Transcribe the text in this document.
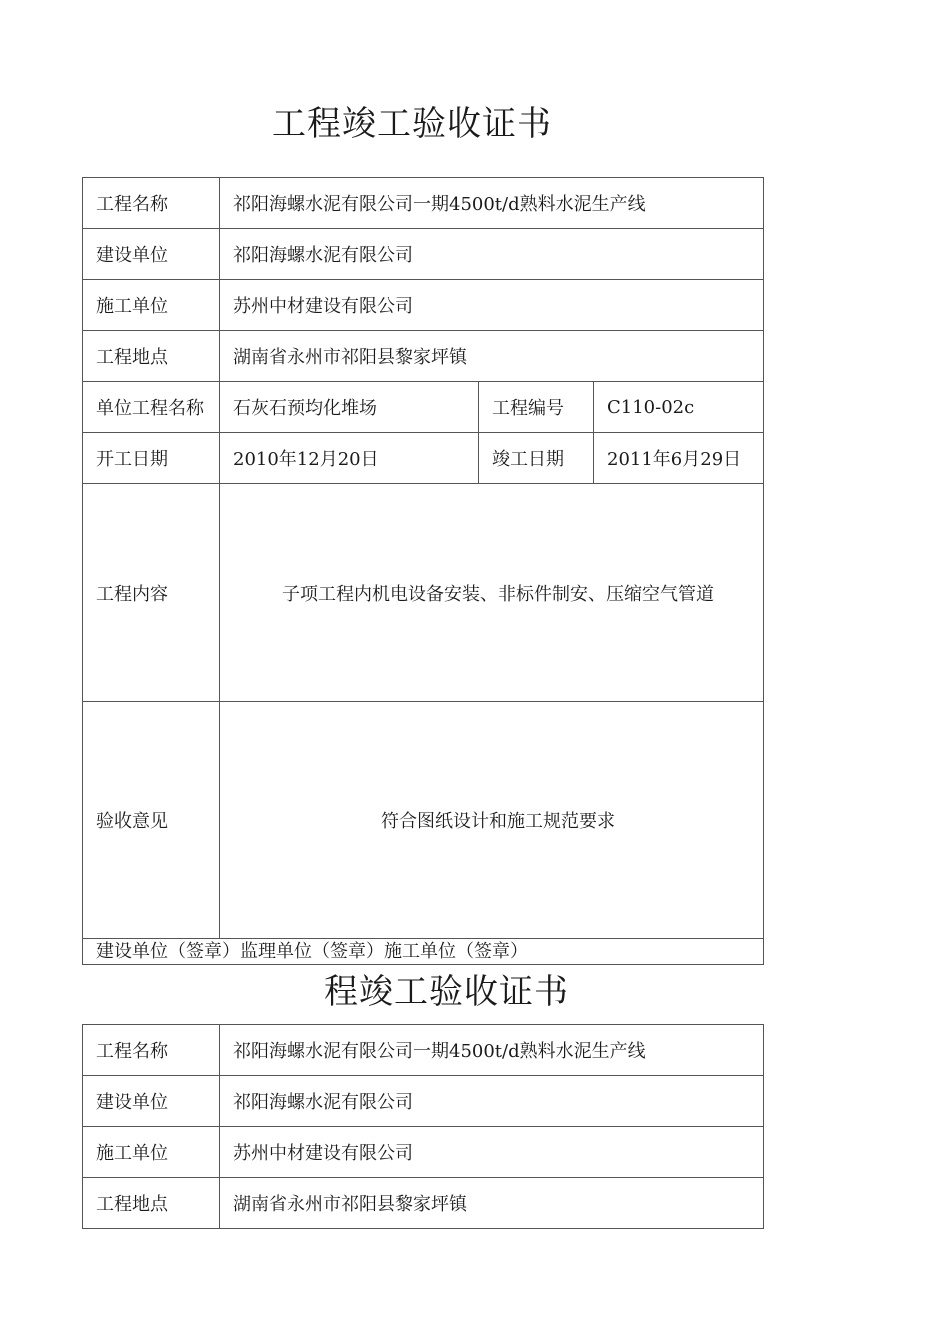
工程竣工验收证书
工程名称	祁阳海螺水泥有限公司一期4500t/d熟料水泥生产线		
建设单位	祁阳海螺水泥有限公司		
施工单位	苏州中材建设有限公司		
工程地点	湖南省永州市祁阳县黎家坪镇		
单位工程名称	石灰石预均化堆场	工程编号	C110-02c
开工日期	2010年12月20日	竣工日期	2011年6月29日
工程内容	子项工程内机电设备安装、非标件制安、压缩空气管道		
验收意见	符合图纸设计和施工规范要求		
建设单位（签章）监理单位（签章）施工单位（签章）			
程竣工验收证书
工程名称	祁阳海螺水泥有限公司一期4500t/d熟料水泥生产线
建设单位	祁阳海螺水泥有限公司
施工单位	苏州中材建设有限公司
工程地点	湖南省永州市祁阳县黎家坪镇
